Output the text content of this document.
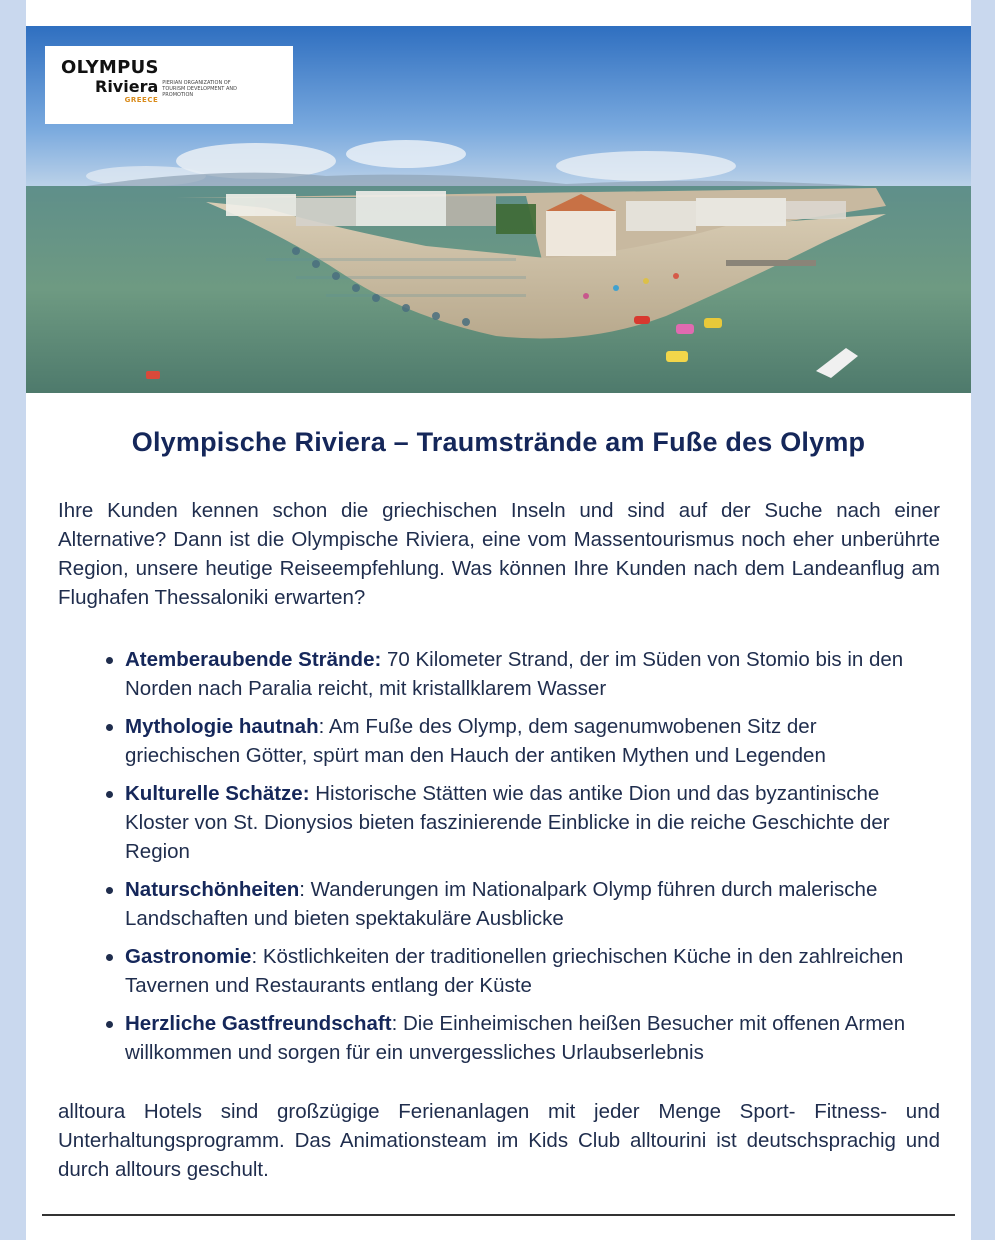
OLYMPUS
Riviera
GREECE
PIERIAN ORGANIZATION OF TOURISM DEVELOPMENT AND PROMOTION
Olympische Riviera – Traumstrände am Fuße des Olymp

Ihre Kunden kennen schon die griechischen Inseln und sind auf der Suche nach einer Alternative? Dann ist die Olympische Riviera, eine vom Massentourismus noch eher unberührte Region, unsere heutige Reiseempfehlung. Was können Ihre Kunden nach dem Landeanflug am Flughafen Thessaloniki erwarten?

Atemberaubende Strände: 70 Kilometer Strand, der im Süden von Stomio bis in den Norden nach Paralia reicht, mit kristallklarem Wasser
Mythologie hautnah: Am Fuße des Olymp, dem sagenumwobenen Sitz der griechischen Götter, spürt man den Hauch der antiken Mythen und Legenden
Kulturelle Schätze: Historische Stätten wie das antike Dion und das byzantinische Kloster von St. Dionysios bieten faszinierende Einblicke in die reiche Geschichte der Region
Naturschönheiten: Wanderungen im Nationalpark Olymp führen durch malerische Landschaften und bieten spektakuläre Ausblicke
Gastronomie: Köstlichkeiten der traditionellen griechischen Küche in den zahlreichen Tavernen und Restaurants entlang der Küste
Herzliche Gastfreundschaft: Die Einheimischen heißen Besucher mit offenen Armen willkommen und sorgen für ein unvergessliches Urlaubserlebnis

alltoura Hotels sind großzügige Ferienanlagen mit jeder Menge Sport- Fitness- und Unterhaltungsprogramm. Das Animationsteam im Kids Club alltourini ist deutschsprachig und durch alltours geschult.
